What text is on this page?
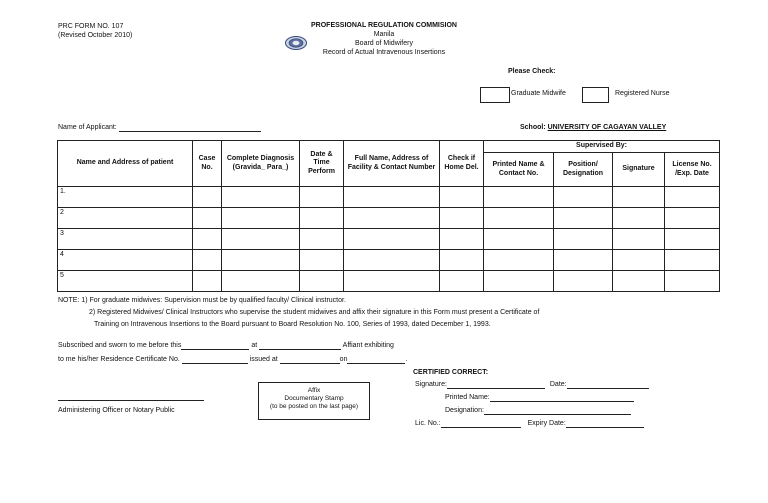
PRC FORM NO. 107
(Revised October 2010)
PROFESSIONAL REGULATION COMMISION
Manila
Board of Midwifery
Record of Actual Intravenous Insertions
Please Check:
Graduate Midwife	Registered Nurse
Name of Applicant:	School: UNIVERSITY OF CAGAYAN VALLEY
Name and Address of patient	Case No.	Complete Diagnosis (Gravida_ Para_)	Date & Time Perform	Full Name, Address of Facility & Contact Number	Check if Home Del.	Supervised By:			
						Printed Name & Contact No.	Position/ Designation	Signature	License No. /Exp. Date
1.									
2									
3									
4									
5									
NOTE: 1) For graduate midwives: Supervision must be by qualified faculty/ Clinical instructor.
2) Registered Midwives/ Clinical Instructors who supervise the student midwives and affix their signature in this Form must present a Certificate of
Training on Intravenous Insertions to the Board pursuant to Board Resolution No. 100, Series of 1993, dated December 1, 1993.
Subscribed and sworn to me before this	at	Affiant exhibiting
to me his/her Residence Certificate No.	issued at	on	.
Affix
Documentary Stamp
(to be posted on the last page)
Administering Officer or Notary Public
CERTIFIED CORRECT:
Signature:	Date:
Printed Name:
Designation:
Lic. No.:	Expiry Date:
